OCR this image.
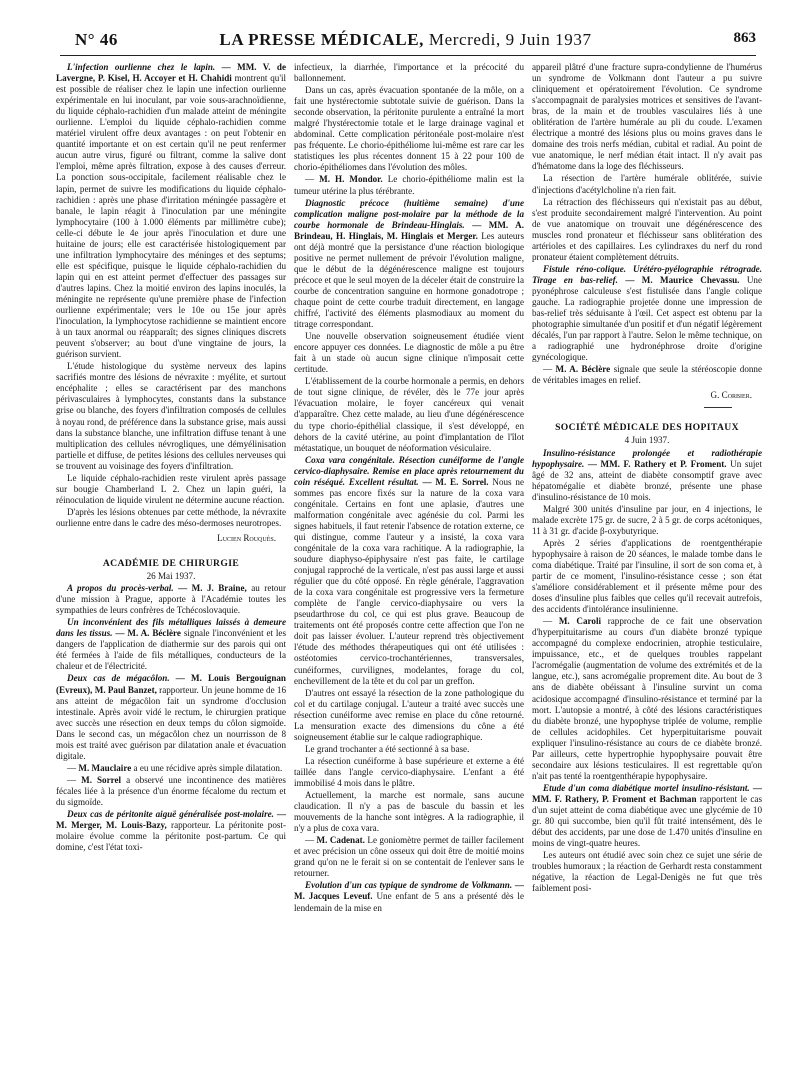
N° 46	LA PRESSE MÉDICALE, Mercredi, 9 Juin 1937	863

L'infection ourlienne chez le lapin. — MM. V. de Lavergne, P. Kisel, H. Accoyer et H. Chahidi montrent qu'il est possible de réaliser chez le lapin une infection ourlienne expérimentale en lui inoculant, par voie sous-arachnoïdienne, du liquide céphalo-rachidien d'un malade atteint de méningite ourlienne. L'emploi du liquide céphalo-rachidien comme matériel virulent offre deux avantages : on peut l'obtenir en quantité importante et on est certain qu'il ne peut renfermer aucun autre virus, figuré ou filtrant, comme la salive dont l'emploi, même après filtration, expose à des causes d'erreur. La ponction sous-occipitale, facilement réalisable chez le lapin, permet de suivre les modifications du liquide céphalo-rachidien : après une phase d'irritation méningée passagère et banale, le lapin réagit à l'inoculation par une méningite lymphocytaire (100 à 1.000 éléments par millimètre cube); celle-ci débute le 4e jour après l'inoculation et dure une huitaine de jours; elle est caractérisée histologiquement par une infiltration lymphocytaire des méninges et des septums; elle est spécifique, puisque le liquide céphalo-rachidien du lapin qui en est atteint permet d'effectuer des passages sur d'autres lapins. Chez la moitié environ des lapins inoculés, la méningite ne représente qu'une première phase de l'infection ourlienne expérimentale; vers le 10e ou 15e jour après l'inoculation, la lymphocytose rachidienne se maintient encore à un taux anormal ou réapparaît; des signes cliniques discrets peuvent s'observer; au bout d'une vingtaine de jours, la guérison survient.

L'étude histologique du système nerveux des lapins sacrifiés montre des lésions de névraxite : myélite, et surtout encéphalite ; elles se caractérisent par des manchons périvasculaires à lymphocytes, constants dans la substance grise ou blanche, des foyers d'infiltration composés de cellules à noyau rond, de préférence dans la substance grise, mais aussi dans la substance blanche, une infiltration diffuse tenant à une multiplication des cellules névrogliques, une démyélinisation partielle et diffuse, de petites lésions des cellules nerveuses qui se trouvent au voisinage des foyers d'infiltration.

Le liquide céphalo-rachidien reste virulent après passage sur bougie Chamberland L 2. Chez un lapin guéri, la réinoculation de liquide virulent ne détermine aucune réaction.

D'après les lésions obtenues par cette méthode, la névraxite ourlienne entre dans le cadre des méso-dermoses neurotropes.

Lucien Rouquès.

ACADÉMIE DE CHIRURGIE

26 Mai 1937.

A propos du procès-verbal. — M. J. Braine, au retour d'une mission à Prague, apporte à l'Académie toutes les sympathies de leurs confrères de Tchécoslovaquie.

Un inconvénient des fils métalliques laissés à demeure dans les tissus. — M. A. Béclère signale l'inconvénient et les dangers de l'application de diathermie sur des parois qui ont été fermées à l'aide de fils métalliques, conducteurs de la chaleur et de l'électricité.

Deux cas de mégacôlon. — M. Louis Bergouignan (Evreux), M. Paul Banzet, rapporteur. Un jeune homme de 16 ans atteint de mégacôlon fait un syndrome d'occlusion intestinale. Après avoir vidé le rectum, le chirurgien pratique avec succès une résection en deux temps du côlon sigmoïde. Dans le second cas, un mégacôlon chez un nourrisson de 8 mois est traité avec guérison par dilatation anale et évacuation digitale.

— M. Mauclaire a eu une récidive après simple dilatation.

— M. Sorrel a observé une incontinence des matières fécales liée à la présence d'un énorme fécalome du rectum et du sigmoïde.

Deux cas de péritonite aiguë généralisée post-molaire. — M. Merger, M. Louis-Bazy, rapporteur. La péritonite post-molaire évolue comme la péritonite post-partum. Ce qui domine, c'est l'état toxi-

infectieux, la diarrhée, l'importance et la précocité du ballonnement.

Dans un cas, après évacuation spontanée de la môle, on a fait une hystérectomie subtotale suivie de guérison. Dans la seconde observation, la péritonite purulente a entraîné la mort malgré l'hystérectomie totale et le large drainage vaginal et abdominal. Cette complication péritonéale post-molaire n'est pas fréquente. Le chorio-épithéliome lui-même est rare car les statistiques les plus récentes donnent 15 à 22 pour 100 de chorio-épithéliomes dans l'évolution des môles.

— M. H. Mondor. Le chorio-épithéliome malin est la tumeur utérine la plus térébrante.

Diagnostic précoce (huitième semaine) d'une complication maligne post-molaire par la méthode de la courbe hormonale de Brindeau-Hinglais. — MM. A. Brindeau, H. Hinglais, M. Hinglais et Merger. Les auteurs ont déjà montré que la persistance d'une réaction biologique positive ne permet nullement de prévoir l'évolution maligne, que le début de la dégénérescence maligne est toujours précoce et que le seul moyen de la déceler était de construire la courbe de concentration sanguine en hormone gonadotrope ; chaque point de cette courbe traduit directement, en langage chiffré, l'activité des éléments plasmodiaux au moment du titrage correspondant.

Une nouvelle observation soigneusement étudiée vient encore appuyer ces données. Le diagnostic de môle a pu être fait à un stade où aucun signe clinique n'imposait cette certitude.

L'établissement de la courbe hormonale a permis, en dehors de tout signe clinique, de révéler, dès le 77e jour après l'évacuation molaire, le foyer cancéreux qui venait d'apparaître. Chez cette malade, au lieu d'une dégénérescence du type chorio-épithélial classique, il s'est développé, en dehors de la cavité utérine, au point d'implantation de l'îlot métastatique, un bouquet de néoformation vésiculaire.

Coxa vara congénitale. Résection cunéiforme de l'angle cervico-diaphysaire. Remise en place après retournement du coin réséqué. Excellent résultat. — M. E. Sorrel. Nous ne sommes pas encore fixés sur la nature de la coxa vara congénitale. Certains en font une aplasie, d'autres une malformation congénitale avec agénésie du col. Parmi les signes habituels, il faut retenir l'absence de rotation externe, ce qui distingue, comme l'auteur y a insisté, la coxa vara congénitale de la coxa vara rachitique. A la radiographie, la soudure diaphyso-épiphysaire n'est pas faite, le cartilage conjugal rapproché de la verticale, n'est pas aussi large et aussi régulier que du côté opposé. En règle générale, l'aggravation de la coxa vara congénitale est progressive vers la fermeture complète de l'angle cervico-diaphysaire ou vers la pseudarthrose du col, ce qui est plus grave. Beaucoup de traitements ont été proposés contre cette affection que l'on ne doit pas laisser évoluer. L'auteur reprend très objectivement l'étude des méthodes thérapeutiques qui ont été utilisées : ostéotomies cervico-trochantériennes, transversales, cunéiformes, curvilignes, modelantes, forage du col, enchevillement de la tête et du col par un greffon.

D'autres ont essayé la résection de la zone pathologique du col et du cartilage conjugal. L'auteur a traité avec succès une résection cunéiforme avec remise en place du cône retourné. La mensuration exacte des dimensions du cône a été soigneusement établie sur le calque radiographique.

Le grand trochanter a été sectionné à sa base.

La résection cunéiforme à base supérieure et externe a été taillée dans l'angle cervico-diaphysaire. L'enfant a été immobilisé 4 mois dans le plâtre.

Actuellement, la marche est normale, sans aucune claudication. Il n'y a pas de bascule du bassin et les mouvements de la hanche sont intègres. A la radiographie, il n'y a plus de coxa vara.

— M. Cadenat. Le goniomètre permet de tailler facilement et avec précision un cône osseux qui doit être de moitié moins grand qu'on ne le ferait si on se contentait de l'enlever sans le retourner.

Evolution d'un cas typique de syndrome de Volkmann. — M. Jacques Leveuf. Une enfant de 5 ans a présenté dès le lendemain de la mise en

appareil plâtré d'une fracture supra-condylienne de l'humérus un syndrome de Volkmann dont l'auteur a pu suivre cliniquement et opératoirement l'évolution. Ce syndrome s'accompagnait de paralysies motrices et sensitives de l'avant-bras, de la main et de troubles vasculaires liés à une oblitération de l'artère humérale au pli du coude. L'examen électrique a montré des lésions plus ou moins graves dans le domaine des trois nerfs médian, cubital et radial. Au point de vue anatomique, le nerf médian était intact. Il n'y avait pas d'hématome dans la loge des fléchisseurs.

La résection de l'artère humérale oblitérée, suivie d'injections d'acétylcholine n'a rien fait.

La rétraction des fléchisseurs qui n'existait pas au début, s'est produite secondairement malgré l'intervention. Au point de vue anatomique on trouvait une dégénérescence des muscles rond pronateur et fléchisseur sans oblitération des artérioles et des capillaires. Les cylindraxes du nerf du rond pronateur étaient complètement détruits.

Fistule réno-colique. Urétéro-pyélographie rétrograde. Tirage en bas-relief. — M. Maurice Chevassu. Une pyonéphrose calculeuse s'est fistulisée dans l'angle colique gauche. La radiographie projetée donne une impression de bas-relief très séduisante à l'œil. Cet aspect est obtenu par la photographie simultanée d'un positif et d'un négatif légèrement décalés, l'un par rapport à l'autre. Selon le même technique, on a radiographié une hydronéphrose droite d'origine gynécologique.

— M. A. Béclère signale que seule la stéréoscopie donne de véritables images en relief.

G. Corbier.

SOCIÉTÉ MÉDICALE DES HOPITAUX

4 Juin 1937.

Insulino-résistance prolongée et radiothérapie hypophysaire. — MM. F. Rathery et P. Froment. Un sujet âgé de 32 ans, atteint de diabète consomptif grave avec hépatomégalie et diabète bronzé, présente une phase d'insulino-résistance de 10 mois.

Malgré 300 unités d'insuline par jour, en 4 injections, le malade excrète 175 gr. de sucre, 2 à 5 gr. de corps acétoniques, 11 à 31 gr. d'acide β-oxybutyrique.

Après 2 séries d'applications de roentgenthérapie hypophysaire à raison de 20 séances, le malade tombe dans le coma diabétique. Traité par l'insuline, il sort de son coma et, à partir de ce moment, l'insulino-résistance cesse ; son état s'améliore considérablement et il présente même pour des doses d'insuline plus faibles que celles qu'il recevait autrefois, des accidents d'intolérance insulinienne.

— M. Caroli rapproche de ce fait une observation d'hyperpituitarisme au cours d'un diabète bronzé typique accompagné du complexe endocrinien, atrophie testiculaire, impuissance, etc., et de quelques troubles rappelant l'acromégalie (augmentation de volume des extrémités et de la langue, etc.), sans acromégalie proprement dite. Au bout de 3 ans de diabète obéissant à l'insuline survint un coma acidosique accompagné d'insulino-résistance et terminé par la mort. L'autopsie a montré, à côté des lésions caractéristiques du diabète bronzé, une hypophyse triplée de volume, remplie de cellules acidophiles. Cet hyperpituitarisme pouvait expliquer l'insulino-résistance au cours de ce diabète bronzé. Par ailleurs, cette hypertrophie hypophysaire pouvait être secondaire aux lésions testiculaires. Il est regrettable qu'on n'ait pas tenté la roentgenthérapie hypophysaire.

Etude d'un coma diabétique mortel insulino-résistant. — MM. F. Rathery, P. Froment et Bachman rapportent le cas d'un sujet atteint de coma diabétique avec une glycémie de 10 gr. 80 qui succombe, bien qu'il fût traité intensément, dès le début des accidents, par une dose de 1.470 unités d'insuline en moins de vingt-quatre heures.

Les auteurs ont étudié avec soin chez ce sujet une série de troubles humoraux ; la réaction de Gerhardt resta constamment négative, la réaction de Legal-Denigès ne fut que très faiblement posi-
